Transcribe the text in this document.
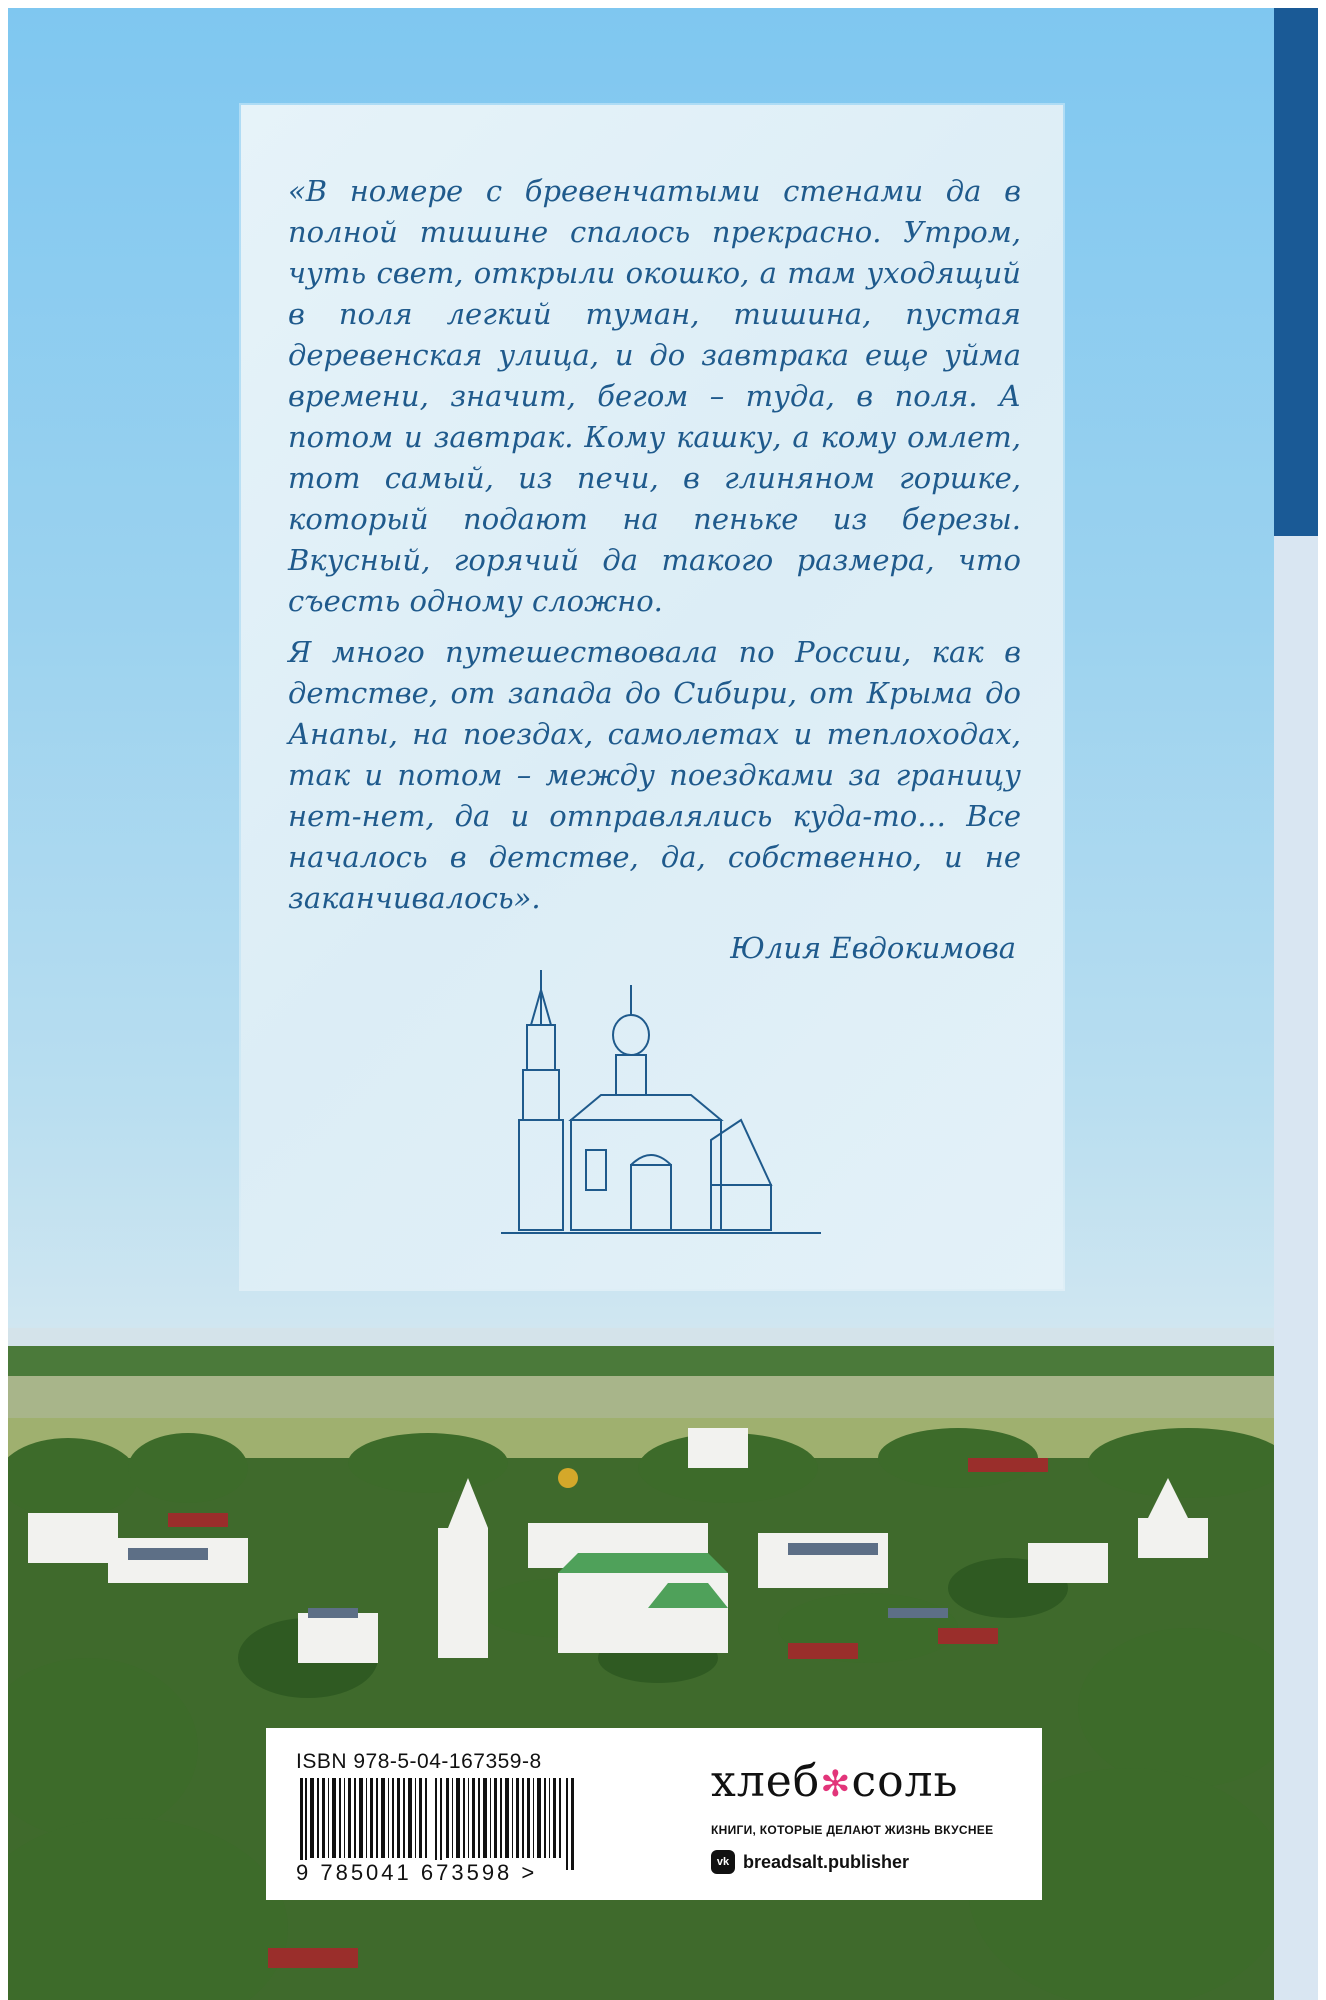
«В номере с бревенчатыми стенами да в полной тишине спалось прекрасно. Утром, чуть свет, открыли окошко, а там уходящий в поля легкий туман, тишина, пустая деревенская улица, и до завтрака еще уйма времени, значит, бегом – туда, в поля. А потом и завтрак. Кому кашку, а кому омлет, тот самый, из печи, в глиняном горшке, который подают на пеньке из березы. Вкусный, горячий да такого размера, что съесть одному сложно.

Я много путешествовала по России, как в детстве, от запада до Сибири, от Крыма до Анапы, на поездах, самолетах и теплоходах, так и потом – между поездками за границу нет-нет, да и отправлялись куда-то… Все началось в детстве, да, собственно, и не заканчивалось».

Юлия Евдокимова
ISBN 978-5-04-167359-8
9 785041 673598 >
хлеб✻соль
КНИГИ, КОТОРЫЕ ДЕЛАЮТ ЖИЗНЬ ВКУСНЕЕ
vk breadsalt.publisher
